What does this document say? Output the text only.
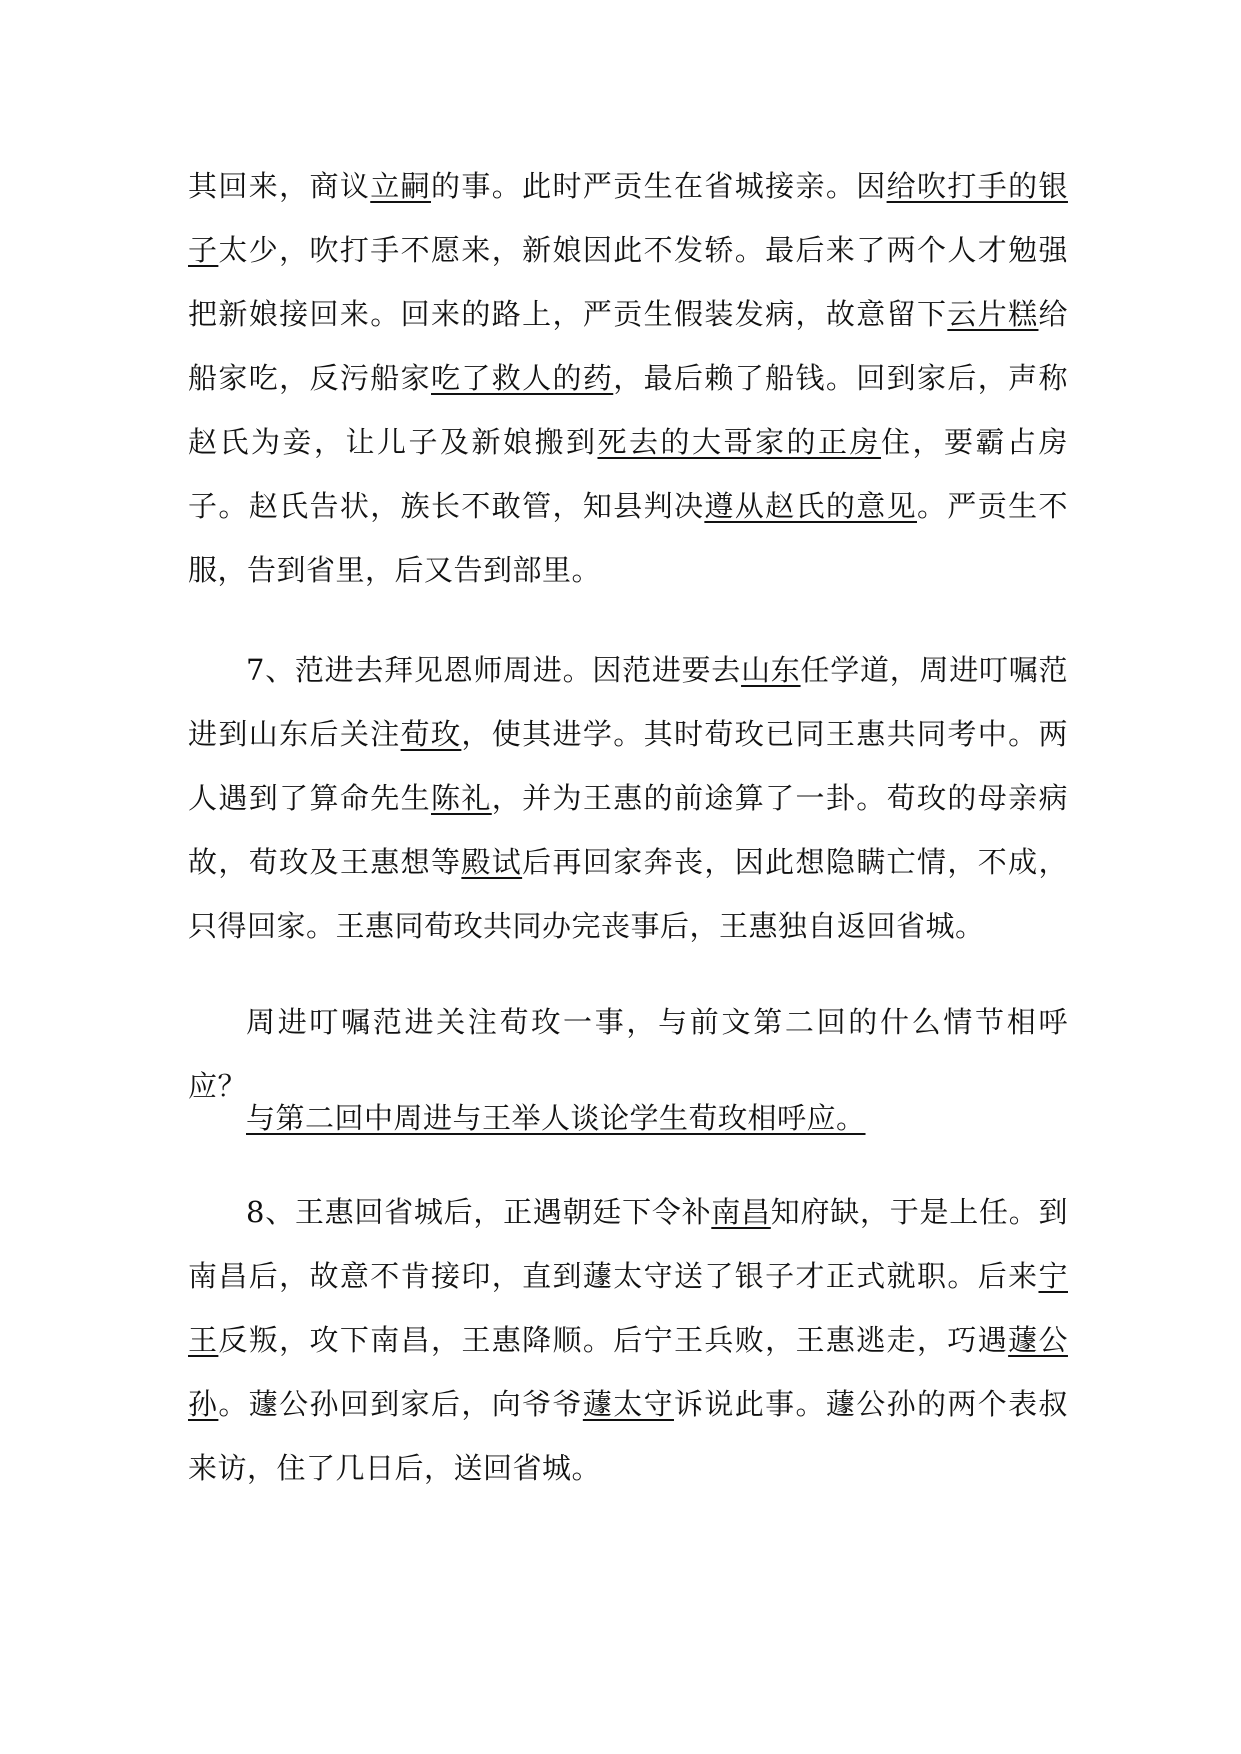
其回来，商议立嗣的事。此时严贡生在省城接亲。因给吹打手的银子太少，吹打手不愿来，新娘因此不发轿。最后来了两个人才勉强把新娘接回来。回来的路上，严贡生假装发病，故意留下云片糕给船家吃，反污船家吃了救人的药，最后赖了船钱。回到家后，声称赵氏为妾，让儿子及新娘搬到死去的大哥家的正房住，要霸占房子。赵氏告状，族长不敢管，知县判决遵从赵氏的意见。严贡生不服，告到省里，后又告到部里。

7、范进去拜见恩师周进。因范进要去山东任学道，周进叮嘱范进到山东后关注荀玫，使其进学。其时荀玫已同王惠共同考中。两人遇到了算命先生陈礼，并为王惠的前途算了一卦。荀玫的母亲病故，荀玫及王惠想等殿试后再回家奔丧，因此想隐瞒亡情，不成，只得回家。王惠同荀玫共同办完丧事后，王惠独自返回省城。

周进叮嘱范进关注荀玫一事，与前文第二回的什么情节相呼应？

与第二回中周进与王举人谈论学生荀玫相呼应。

8、王惠回省城后，正遇朝廷下令补南昌知府缺，于是上任。到南昌后，故意不肯接印，直到蘧太守送了银子才正式就职。后来宁王反叛，攻下南昌，王惠降顺。后宁王兵败，王惠逃走，巧遇蘧公孙。蘧公孙回到家后，向爷爷蘧太守诉说此事。蘧公孙的两个表叔来访，住了几日后，送回省城。
